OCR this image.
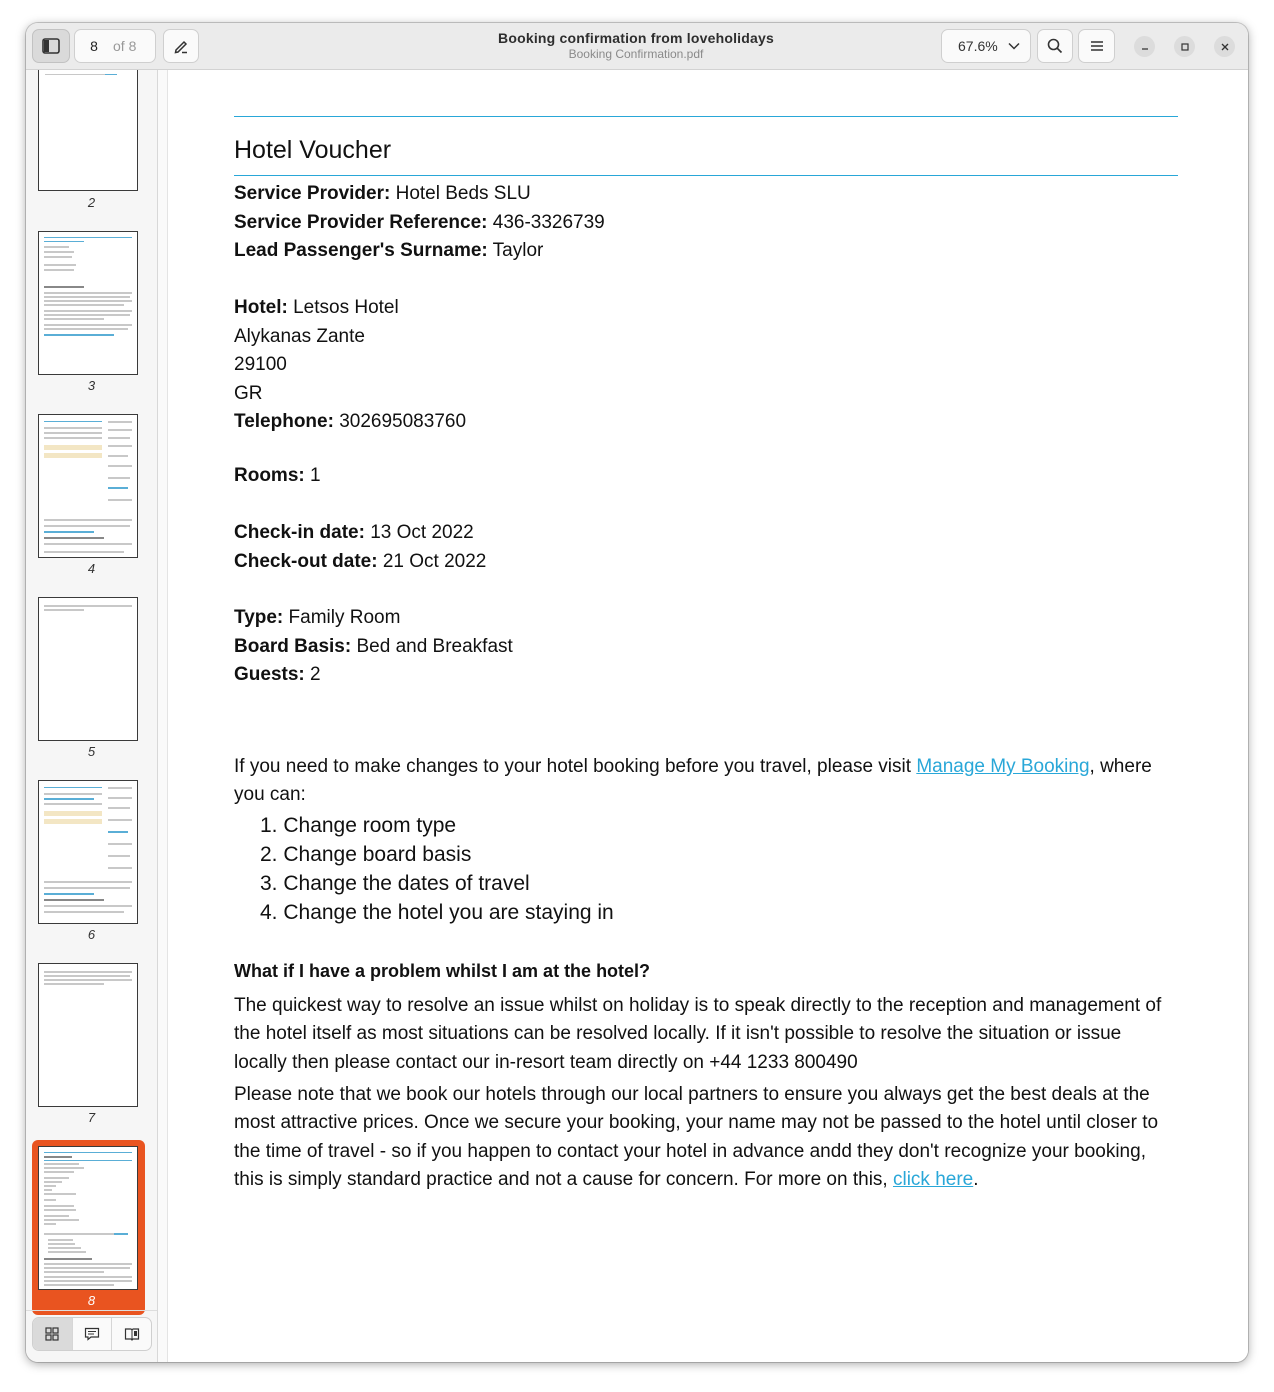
8	of 8	Booking confirmation from loveholidays
Booking Confirmation.pdf	67.6%
2
3
4
5
6
7
8
Hotel Voucher
Service Provider: Hotel Beds SLU
Service Provider Reference: 436-3326739
Lead Passenger's Surname: Taylor
Hotel: Letsos Hotel
Alykanas Zante
29100
GR
Telephone: 302695083760
Rooms: 1
Check-in date: 13 Oct 2022
Check-out date: 21 Oct 2022
Type: Family Room
Board Basis: Bed and Breakfast
Guests: 2
If you need to make changes to your hotel booking before you travel, please visit Manage My Booking, where you can:
1. Change room type
2. Change board basis
3. Change the dates of travel
4. Change the hotel you are staying in
What if I have a problem whilst I am at the hotel?
The quickest way to resolve an issue whilst on holiday is to speak directly to the reception and management of the hotel itself as most situations can be resolved locally. If it isn't possible to resolve the situation or issue locally then please contact our in-resort team directly on +44 1233 800490
Please note that we book our hotels through our local partners to ensure you always get the best deals at the most attractive prices. Once we secure your booking, your name may not be passed to the hotel until closer to the time of travel - so if you happen to contact your hotel in advance andd they don't recognize your booking, this is simply standard practice and not a cause for concern. For more on this, click here.
